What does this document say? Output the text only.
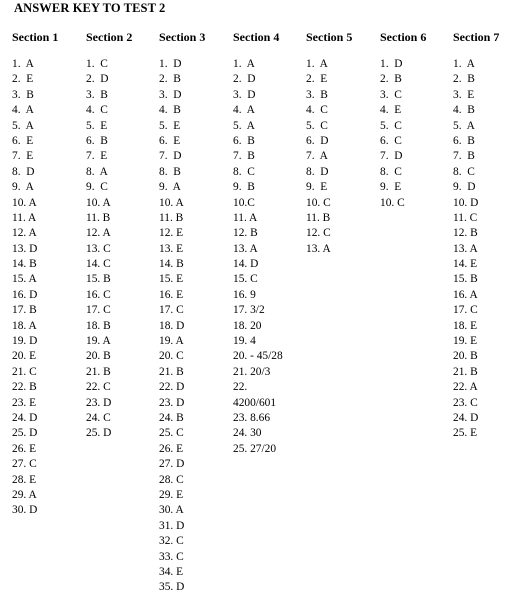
ANSWER KEY TO TEST 2
Section 1
1.  A
2.  E
3.  B
4.  A
5.  A
6.  E
7.  E
8.  D
9.  A
10. A
11. A
12. A
13. D
14. B
15. A
16. D
17. B
18. A
19. D
20. E
21. C
22. B
23. E
24. D
25. D
26. E
27. C
28. E
29. A
30. D
Section 2
1.  C
2.  D
3.  B
4.  C
5.  E
6.  B
7.  E
8.  A
9.  C
10. A
11. B
12. A
13. C
14. C
15. B
16. C
17. C
18. B
19. A
20. B
21. B
22. C
23. D
24. C
25. D
Section 3
1.  D
2.  B
3.  D
4.  B
5.  E
6.  E
7.  D
8.  B
9.  A
10. A
11. B
12. E
13. E
14. B
15. E
16. E
17. C
18. D
19. A
20. C
21. B
22. D
23. D
24. B
25. C
26. E
27. D
28. C
29. E
30. A
31. D
32. C
33. C
34. E
35. D
Section 4
1.  A
2.  D
3.  D
4.  A
5.  A
6.  B
7.  B
8.  C
9.  B
10.C
11. A
12. B
13. A
14. D
15. C
16. 9
17. 3/2
18. 20
19. 4
20. - 45/28
21. 20/3
22.
4200/601
23. 8.66
24. 30
25. 27/20
Section 5
1.  A
2.  E
3.  B
4.  C
5.  C
6.  D
7.  A
8.  D
9.  E
10. C
11. B
12. C
13. A
Section 6
1.  D
2.  B
3.  C
4.  E
5.  C
6.  C
7.  D
8.  C
9.  E
10. C
Section 7
1.  A
2.  B
3.  E
4.  B
5.  A
6.  B
7.  B
8.  C
9.  D
10. D
11. C
12. B
13. A
14. E
15. B
16. A
17. C
18. E
19. E
20. B
21. B
22. A
23. C
24. D
25. E
